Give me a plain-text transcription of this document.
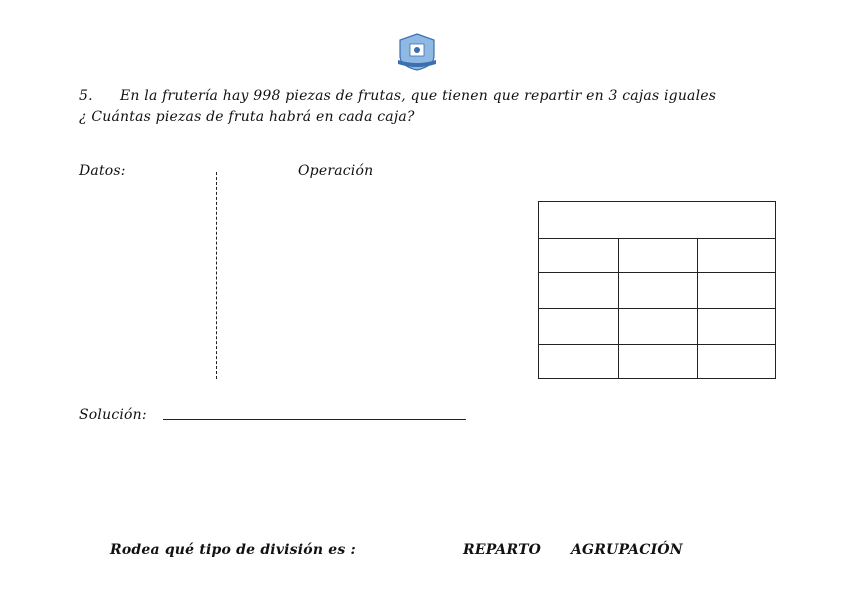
5. En la frutería hay 998 piezas de frutas, que tienen que repartir en 3 cajas iguales
¿ Cuántas piezas de fruta habrá en cada caja?
Datos:	Operación
Solución:
Rodea qué tipo de división es :	REPARTO AGRUPACIÓN
